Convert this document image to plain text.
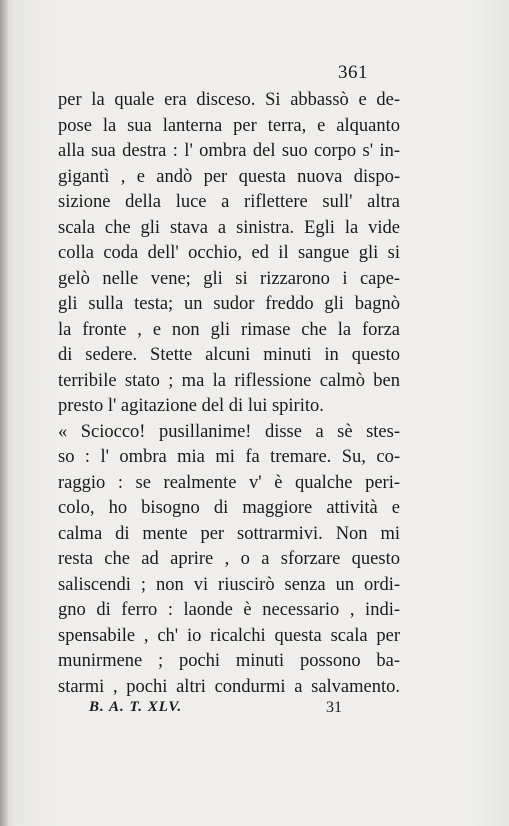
361
per la quale era disceso. Si abbassò e de-
pose la sua lanterna per terra, e alquanto
alla sua destra : l' ombra del suo corpo s' in-
gigantì , e andò per questa nuova dispo-
sizione della luce a riflettere sull' altra
scala che gli stava a sinistra. Egli la vide
colla coda dell' occhio, ed il sangue gli si
gelò nelle vene; gli si rizzarono i cape-
gli sulla testa; un sudor freddo gli bagnò
la fronte , e non gli rimase che la forza
di sedere. Stette alcuni minuti in questo
terribile stato ; ma la riflessione calmò ben
presto l' agitazione del di lui spirito.
« Sciocco! pusillanime! disse a sè stes-
so : l' ombra mia mi fa tremare. Su, co-
raggio : se realmente v' è qualche peri-
colo, ho bisogno di maggiore attività e
calma di mente per sottrarmivi. Non mi
resta che ad aprire , o a sforzare questo
saliscendi ; non vi riuscirò senza un ordi-
gno di ferro : laonde è necessario , indi-
spensabile , ch' io ricalchi questa scala per
munirmene ; pochi minuti possono ba-
starmi , pochi altri condurmi a salvamento.
B. A. T. XLV.	31
